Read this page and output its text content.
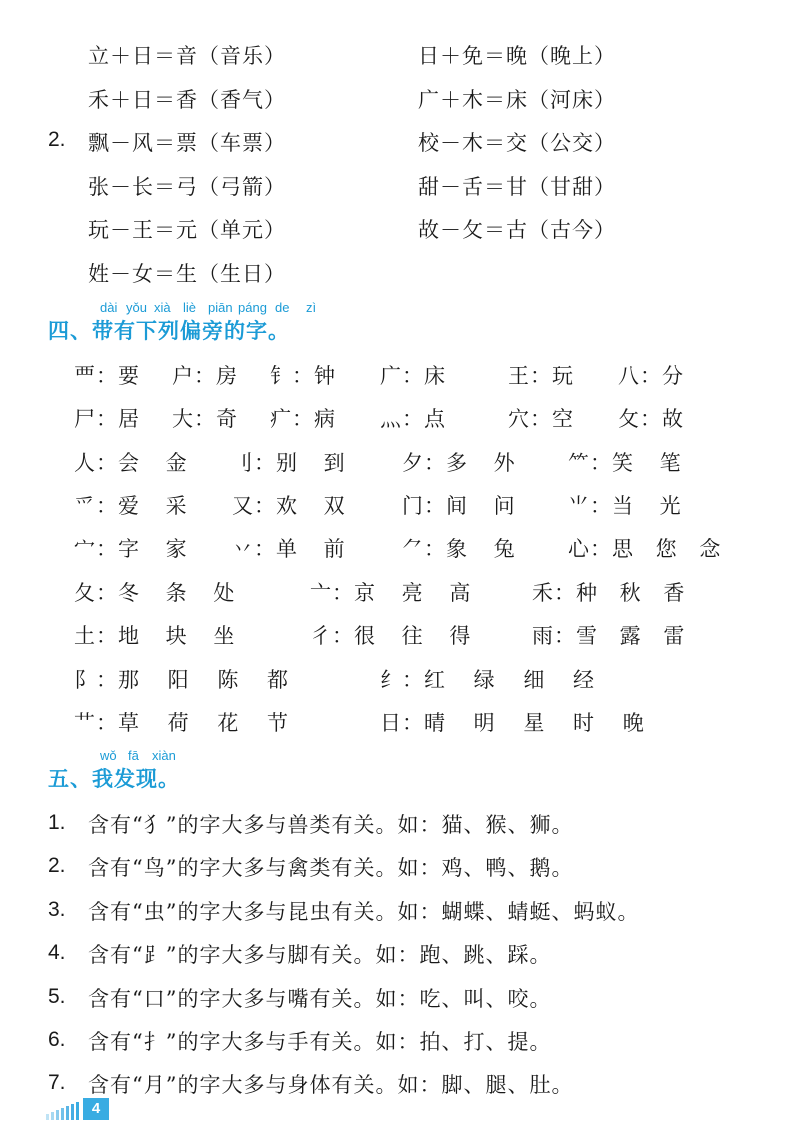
立＋日＝音（音乐）	日＋免＝晚（晚上）
禾＋日＝香（香气）	广＋木＝床（河床）
2. 飘－风＝票（车票）	校－木＝交（公交）
张－长＝弓（弓箭）	甜－舌＝甘（甘甜）
玩－王＝元（单元）	故－攵＝古（古今）
姓－女＝生（生日）
dài yǒu xià liè piān páng de zì
四、带有下列偏旁的字。
覀：要 户：房 钅：钟 广：床	王：玩 八：分
尸：居 大：奇 疒：病 灬：点	穴：空 攵：故
人：会 金 刂：别 到	夕：多 外 ⺮：笑 笔
爫：爱 采 又：欢 双	门：间 问 ⺌：当 光
宀：字 家 丷：单 前	⺈：象 兔 心：思 您 念
夂：冬 条 处	亠：京 亮 高	禾：种 秋 香
土：地 块 坐	彳：很 往 得	雨：雪 露 雷
阝：那 阳 陈 都	纟：红 绿 细 经
艹：草 荷 花 节	日：晴 明 星 时 晚
wǒ fā xiàn
五、我发现。
1. 含有“犭”的字大多与兽类有关。如：猫、猴、狮。
2. 含有“鸟”的字大多与禽类有关。如：鸡、鸭、鹅。
3. 含有“虫”的字大多与昆虫有关。如：蝴蝶、蜻蜓、蚂蚁。
4. 含有“⻊”的字大多与脚有关。如：跑、跳、踩。
5. 含有“口”的字大多与嘴有关。如：吃、叫、咬。
6. 含有“扌”的字大多与手有关。如：拍、打、提。
7. 含有“月”的字大多与身体有关。如：脚、腿、肚。
4
